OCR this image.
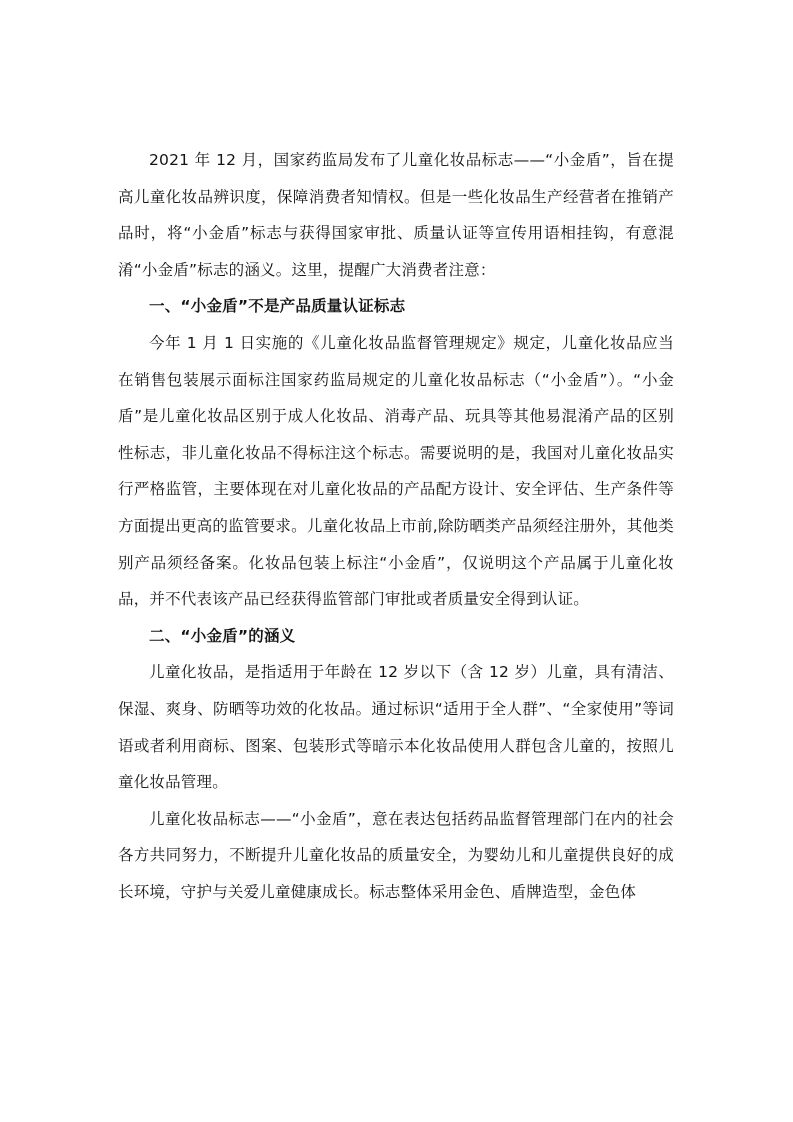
2021 年 12 月，国家药监局发布了儿童化妆品标志——“小金盾”，旨在提高儿童化妆品辨识度，保障消费者知情权。但是一些化妆品生产经营者在推销产品时，将“小金盾”标志与获得国家审批、质量认证等宣传用语相挂钩，有意混淆“小金盾”标志的涵义。这里，提醒广大消费者注意：

一、“小金盾”不是产品质量认证标志

今年 1 月 1 日实施的《儿童化妆品监督管理规定》规定，儿童化妆品应当在销售包装展示面标注国家药监局规定的儿童化妆品标志（“小金盾”）。“小金盾”是儿童化妆品区别于成人化妆品、消毒产品、玩具等其他易混淆产品的区别性标志，非儿童化妆品不得标注这个标志。需要说明的是，我国对儿童化妆品实行严格监管，主要体现在对儿童化妆品的产品配方设计、安全评估、生产条件等方面提出更高的监管要求。儿童化妆品上市前,除防晒类产品须经注册外，其他类别产品须经备案。化妆品包装上标注“小金盾”，仅说明这个产品属于儿童化妆品，并不代表该产品已经获得监管部门审批或者质量安全得到认证。

二、“小金盾”的涵义

儿童化妆品，是指适用于年龄在 12 岁以下（含 12 岁）儿童，具有清洁、保湿、爽身、防晒等功效的化妆品。通过标识“适用于全人群”、“全家使用”等词语或者利用商标、图案、包装形式等暗示本化妆品使用人群包含儿童的，按照儿童化妆品管理。

儿童化妆品标志——“小金盾”，意在表达包括药品监督管理部门在内的社会各方共同努力，不断提升儿童化妆品的质量安全，为婴幼儿和儿童提供良好的成长环境，守护与关爱儿童健康成长。标志整体采用金色、盾牌造型，金色体
